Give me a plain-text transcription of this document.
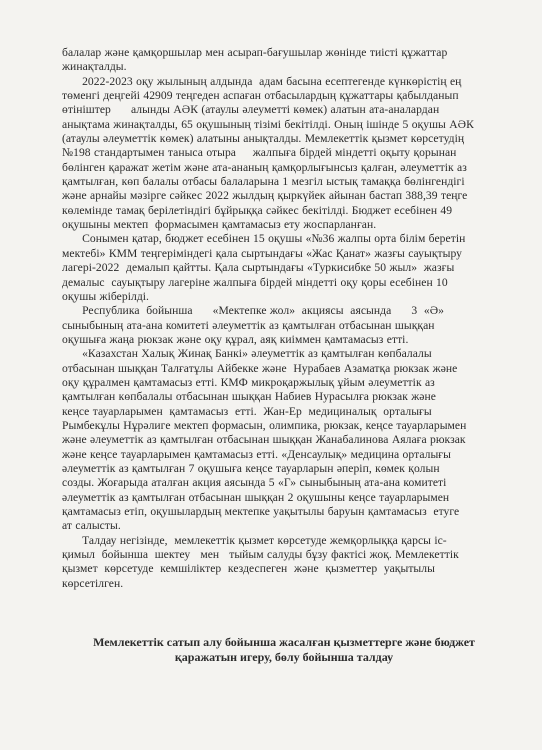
балалар және қамқоршылар мен асырап-бағушылар жөнінде тиісті құжаттар
жинақталды.

2022-2023 оқу жылының алдында  адам басына есептегенде күнкөрістің ең
төменгі деңгейі 42909 теңгеден аспаған отбасылардың құжаттары қабылданып
өтініштер      алынды АӘК (атаулы әлеуметті көмек) алатын ата-аналардан
анықтама жинақталды, 65 оқушының тізімі бекітілді. Оның ішінде 5 оқушы АӘК
(атаулы әлеуметтік көмек) алатыны анықталды. Мемлекеттік қызмет көрсетудің
№198 стандартымен таныса отыра     жалпыға бірдей міндетті оқыту қорынан
бөлінген қаражат жетім және ата-ананың қамқорлығынсыз қалған, әлеуметтік аз
қамтылған, көп балалы отбасы балаларына 1 мезгіл ыстық тамаққа бөлінгендігі
және арнайы мәзірге сәйкес 2022 жылдың қыркүйек айынан бастап 388,39 теңге
көлемінде тамақ берілетіндігі бұйрыққа сәйкес бекітілді. Бюджет есебінен 49
оқушыны мектеп  формасымен қамтамасыз ету жоспарланған.

Сонымен қатар, бюджет есебінен 15 оқушы «№36 жалпы орта білім беретін
мектебі» КММ теңгеріміндегі қала сыртындағы «Жас Қанат» жазғы сауықтыру
лагері-2022  демалып қайтты. Қала сыртындағы «Туркисибке 50 жыл»  жазғы
демалыс  сауықтыру лагеріне жалпыға бірдей міндетті оқу қоры есебінен 10
оқушы жіберілді.

Республика  бойынша      «Мектепке жол»  акциясы  аясында      3  «Ә»
сыныбының ата-ана комитеті әлеуметтік аз қамтылған отбасынан шыққан
оқушыға жаңа рюкзак және оқу құрал, аяқ киіммен қамтамасыз етті.

«Казахстан Халық Жинақ Банкі» әлеуметтік аз қамтылған көпбалалы
отбасынан шыққан Талғатұлы Айбекке және  Нурабаев Азаматқа рюкзак және
оқу құралмен қамтамасыз етті. КМФ микроқаржылық ұйым әлеуметтік аз
қамтылған көпбалалы отбасынан шыққан Набиев Нурасылға рюкзак және
кеңсе тауарларымен  қамтамасыз  етті.  Жан-Ер  медициналық  орталығы
Рымбекұлы Нұрәлиге мектеп формасын, олимпика, рюкзак, кеңсе тауарларымен
және әлеуметтік аз қамтылған отбасынан шыққан Жанабалинова Аялаға рюкзак
және кеңсе тауарларымен қамтамасыз етті. «Денсаулық» медицина орталығы
әлеуметтік аз қамтылған 7 оқушыға кеңсе тауарларын әперіп, көмек қолын
созды. Жоғарыда аталған акция аясында 5 «Г» сыныбының ата-ана комитеті
әлеуметтік аз қамтылған отбасынан шыққан 2 оқушыны кеңсе тауарларымен
қамтамасыз етіп, оқушылардың мектепке уақытылы баруын қамтамасыз  етуге
ат салысты.

Талдау негізінде,  мемлекеттік қызмет көрсетуде жемқорлыққа қарсы іс-
қимыл  бойынша  шектеу   мен   тыйым салуды бұзу фактісі жоқ. Мемлекеттік
қызмет  көрсетуде  кемшіліктер  кездеспеген  және  қызметтер  уақытылы
көрсетілген.

Мемлекеттік сатып алу бойынша жасалған қызметтерге және бюджет

қаражатын игеру, бөлу бойынша талдау
